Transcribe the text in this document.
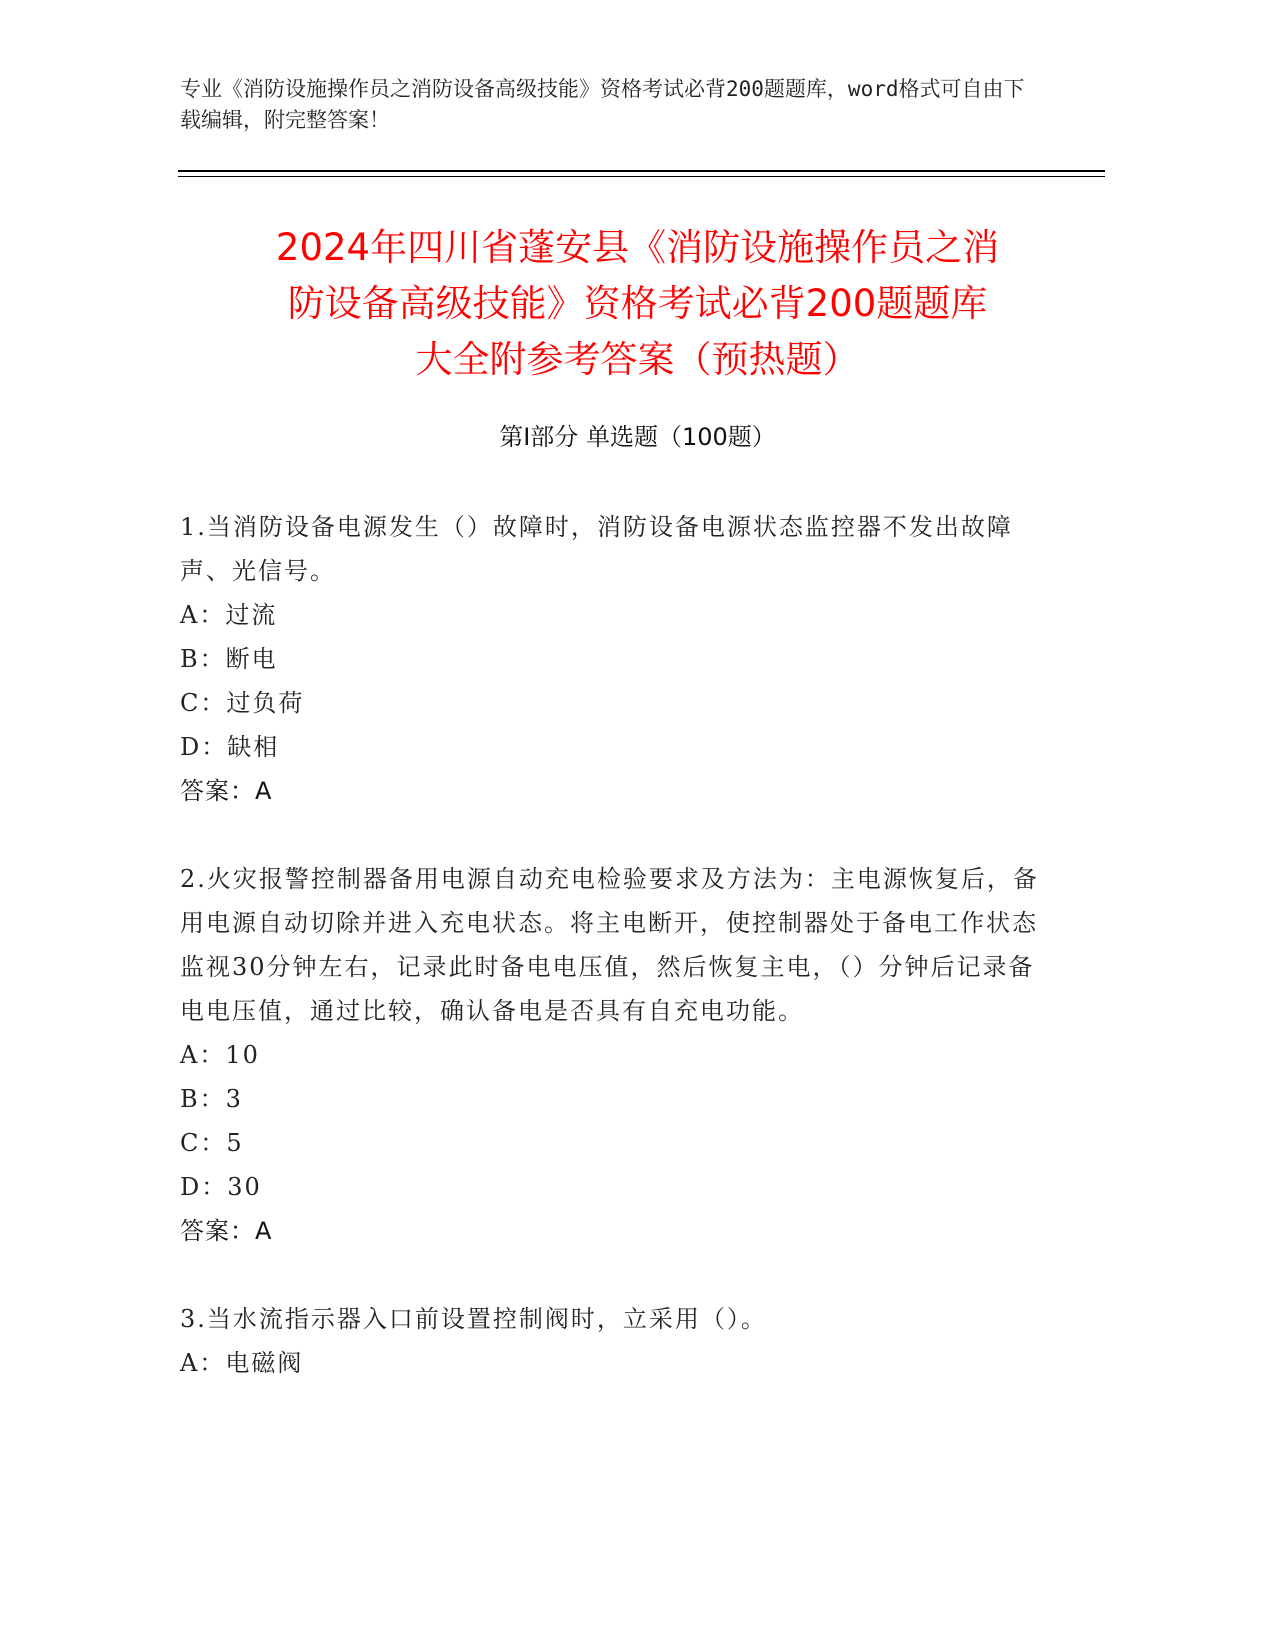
专业《消防设施操作员之消防设备高级技能》资格考试必背200题题库，word格式可自由下载编辑，附完整答案！
2024年四川省蓬安县《消防设施操作员之消
防设备高级技能》资格考试必背200题题库
大全附参考答案（预热题）
第Ⅰ部分 单选题（100题）
1.当消防设备电源发生（）故障时，消防设备电源状态监控器不发出故障声、光信号。
A：过流
B：断电
C：过负荷
D：缺相
答案：A
2.火灾报警控制器备用电源自动充电检验要求及方法为：主电源恢复后，备用电源自动切除并进入充电状态。将主电断开，使控制器处于备电工作状态监视30分钟左右，记录此时备电电压值，然后恢复主电，（）分钟后记录备电电压值，通过比较，确认备电是否具有自充电功能。
A：10
B：3
C：5
D：30
答案：A
3.当水流指示器入口前设置控制阀时，立采用（）。
A：电磁阀
